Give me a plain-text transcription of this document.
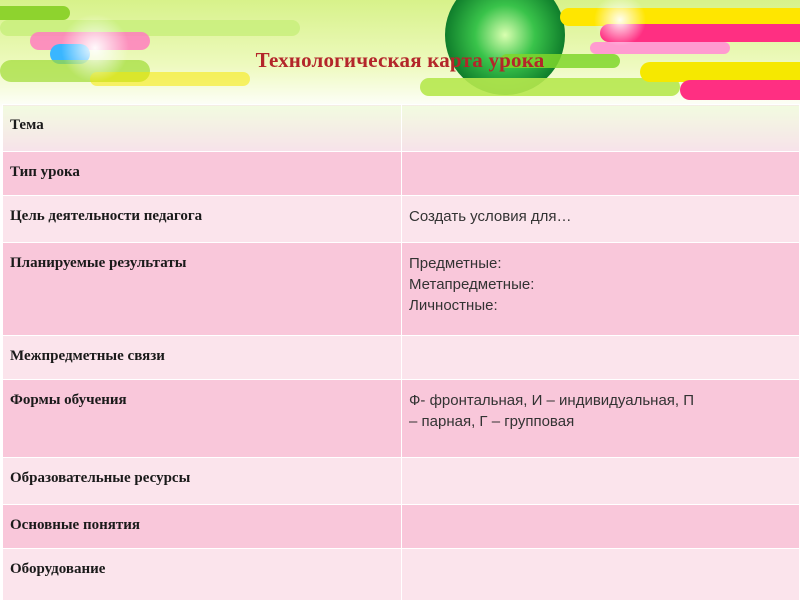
Технологическая карта урока
Тема	
Тип урока	
Цель деятельности педагога	Создать условия для…

Планируемые результаты	Предметные:
Метапредметные:
Личностные:

Межпредметные связи	
Формы обучения	Ф- фронтальная, И – индивидуальная, П
– парная, Г – групповая

Образовательные ресурсы	
Основные понятия	
Оборудование	
